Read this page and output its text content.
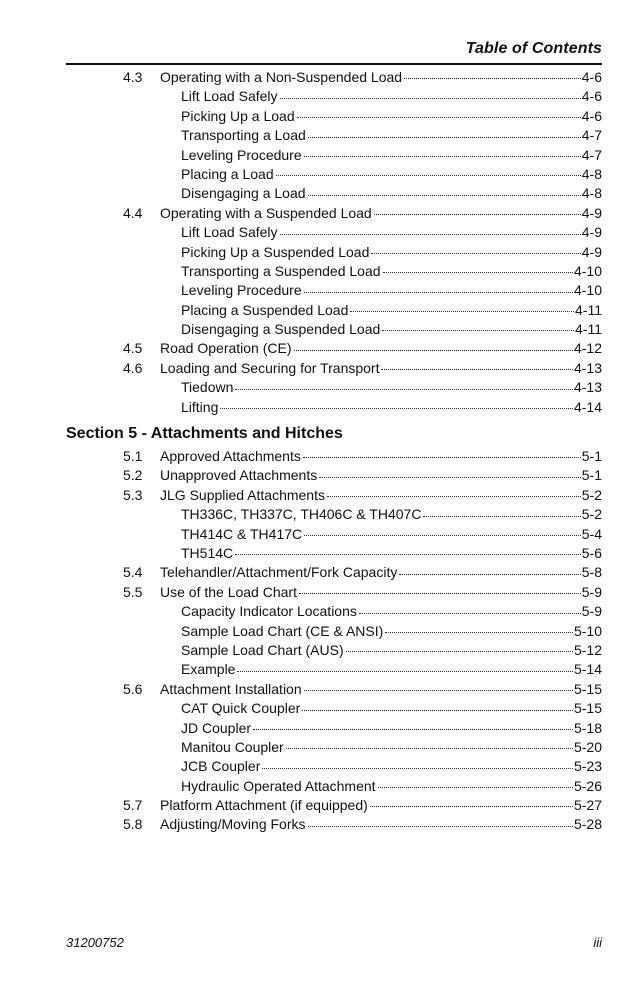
Table of Contents
4.3 Operating with a Non-Suspended Load	4-6
Lift Load Safely	4-6
Picking Up a Load	4-6
Transporting a Load	4-7
Leveling Procedure	4-7
Placing a Load	4-8
Disengaging a Load	4-8
4.4 Operating with a Suspended Load	4-9
Lift Load Safely	4-9
Picking Up a Suspended Load	4-9
Transporting a Suspended Load	4-10
Leveling Procedure	4-10
Placing a Suspended Load	4-11
Disengaging a Suspended Load	4-11
4.5 Road Operation (CE)	4-12
4.6 Loading and Securing for Transport	4-13
Tiedown	4-13
Lifting	4-14
Section 5 - Attachments and Hitches
5.1 Approved Attachments	5-1
5.2 Unapproved Attachments	5-1
5.3 JLG Supplied Attachments	5-2
TH336C, TH337C, TH406C & TH407C	5-2
TH414C & TH417C	5-4
TH514C	5-6
5.4 Telehandler/Attachment/Fork Capacity	5-8
5.5 Use of the Load Chart	5-9
Capacity Indicator Locations	5-9
Sample Load Chart (CE & ANSI)	5-10
Sample Load Chart (AUS)	5-12
Example	5-14
5.6 Attachment Installation	5-15
CAT Quick Coupler	5-15
JD Coupler	5-18
Manitou Coupler	5-20
JCB Coupler	5-23
Hydraulic Operated Attachment	5-26
5.7 Platform Attachment (if equipped)	5-27
5.8 Adjusting/Moving Forks	5-28
31200752	iii
